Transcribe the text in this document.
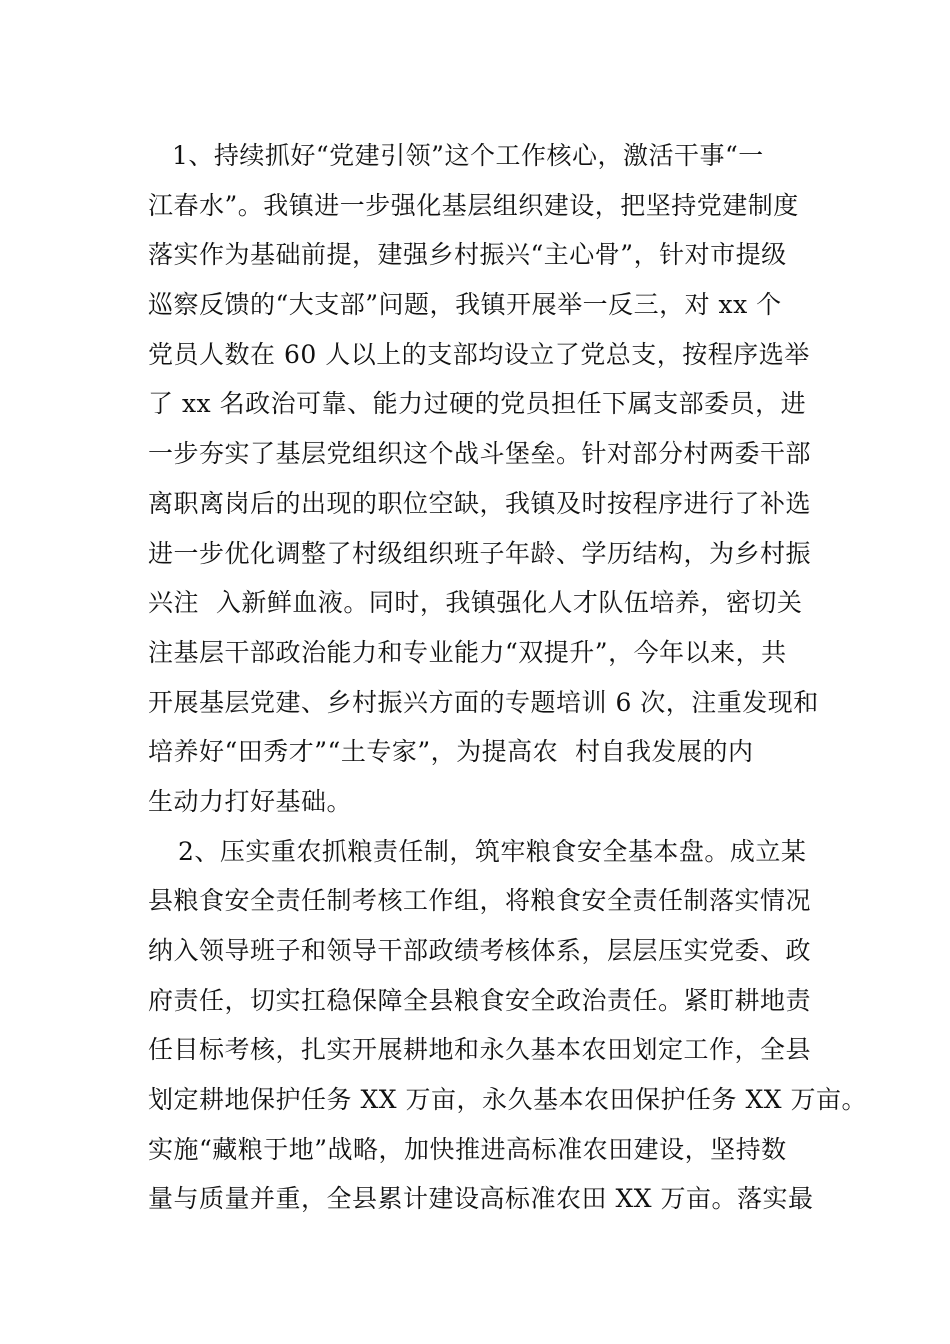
1、持续抓好“党建引领”这个工作核心，激活干事“一
江春水”。我镇进一步强化基层组织建设，把坚持党建制度
落实作为基础前提，建强乡村振兴“主心骨”，针对市提级
巡察反馈的“大支部”问题，我镇开展举一反三，对 xx 个
党员人数在 60 人以上的支部均设立了党总支，按程序选举
了 xx 名政治可靠、能力过硬的党员担任下属支部委员，进
一步夯实了基层党组织这个战斗堡垒。针对部分村两委干部
离职离岗后的出现的职位空缺，我镇及时按程序进行了补选
进一步优化调整了村级组织班子年龄、学历结构，为乡村振
兴注  入新鲜血液。同时，我镇强化人才队伍培养，密切关
注基层干部政治能力和专业能力“双提升”，今年以来，共
开展基层党建、乡村振兴方面的专题培训 6 次，注重发现和
培养好“田秀才”“土专家”，为提高农  村自我发展的内
生动力打好基础。
2、压实重农抓粮责任制，筑牢粮食安全基本盘。成立某
县粮食安全责任制考核工作组，将粮食安全责任制落实情况
纳入领导班子和领导干部政绩考核体系，层层压实党委、政
府责任，切实扛稳保障全县粮食安全政治责任。紧盯耕地责
任目标考核，扎实开展耕地和永久基本农田划定工作，全县
划定耕地保护任务 XX 万亩，永久基本农田保护任务 XX 万亩。
实施“藏粮于地”战略，加快推进高标准农田建设，坚持数
量与质量并重，全县累计建设高标准农田 XX 万亩。落实最
